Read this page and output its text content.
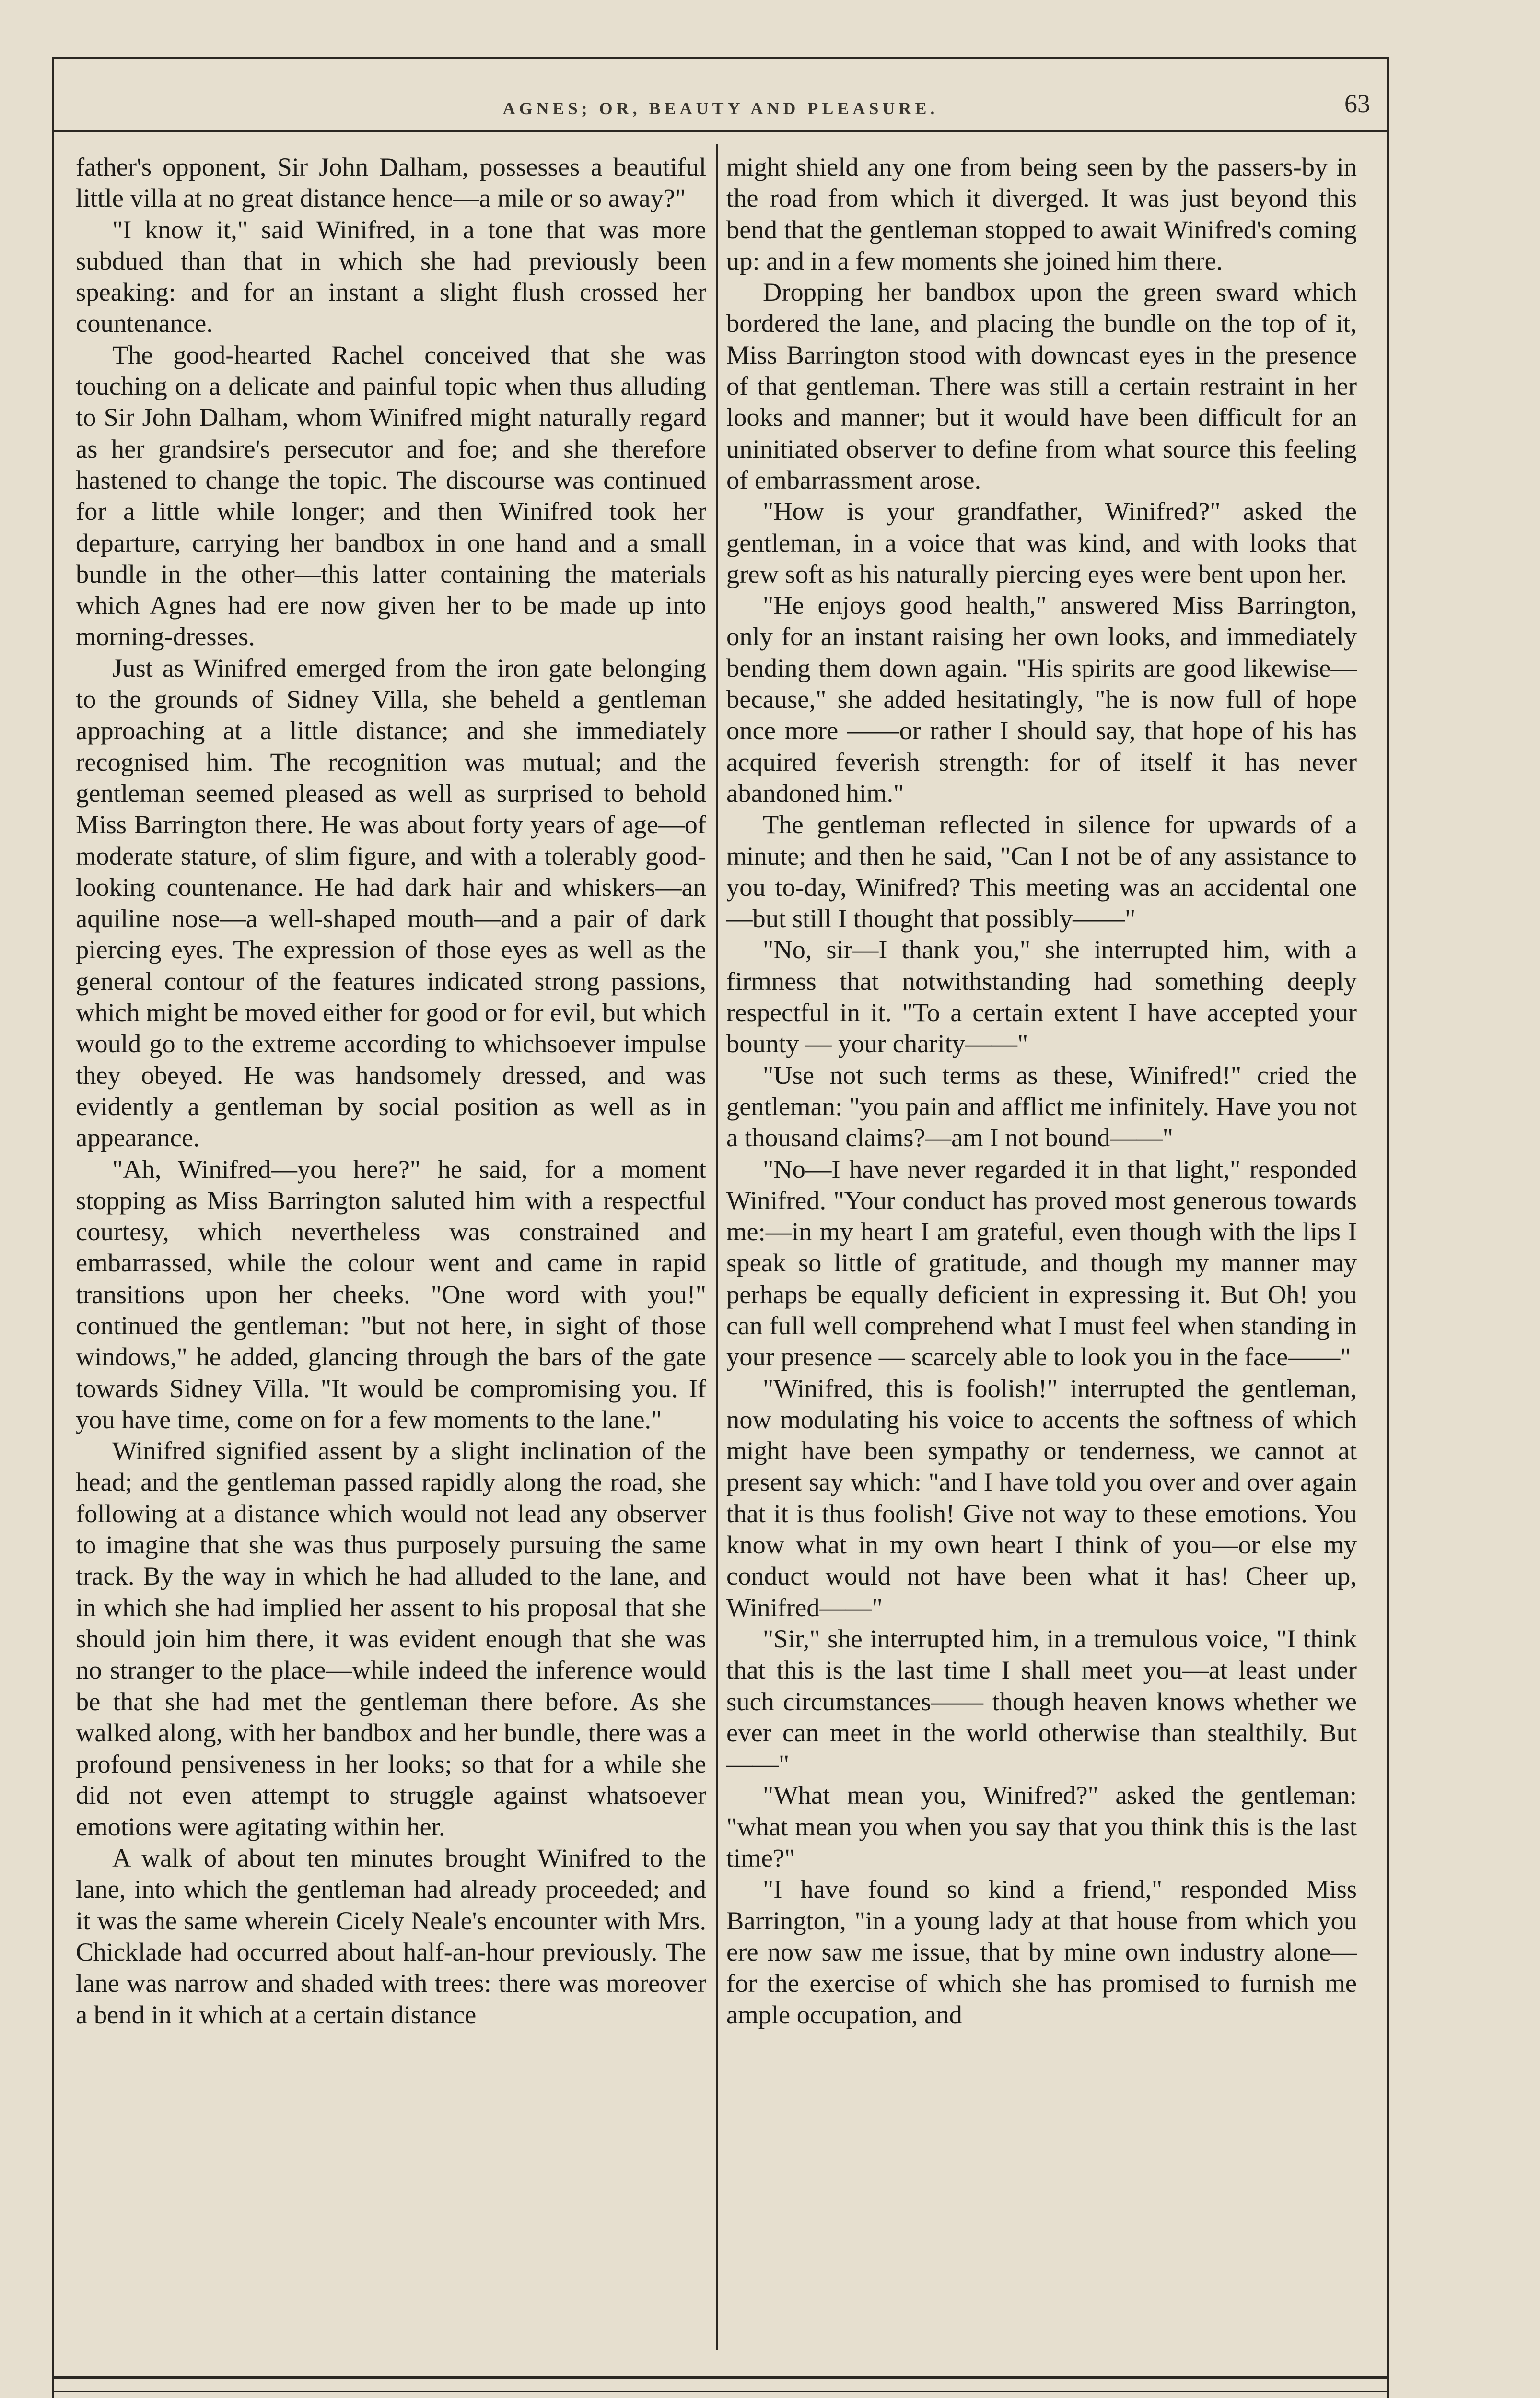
AGNES; OR, BEAUTY AND PLEASURE.	63

father's opponent, Sir John Dalham, possesses a beautiful little villa at no great distance hence—a mile or so away?"

"I know it," said Winifred, in a tone that was more subdued than that in which she had previously been speaking: and for an instant a slight flush crossed her countenance.

The good-hearted Rachel conceived that she was touching on a delicate and painful topic when thus alluding to Sir John Dalham, whom Winifred might naturally regard as her grandsire's persecutor and foe; and she therefore hastened to change the topic. The discourse was continued for a little while longer; and then Winifred took her departure, carrying her bandbox in one hand and a small bundle in the other—this latter containing the materials which Agnes had ere now given her to be made up into morning-dresses.

Just as Winifred emerged from the iron gate belonging to the grounds of Sidney Villa, she beheld a gentleman approaching at a little distance; and she immediately recognised him. The recognition was mutual; and the gentleman seemed pleased as well as surprised to behold Miss Barrington there. He was about forty years of age—of moderate stature, of slim figure, and with a tolerably good-looking countenance. He had dark hair and whiskers—an aquiline nose—a well-shaped mouth—and a pair of dark piercing eyes. The expression of those eyes as well as the general contour of the features indicated strong passions, which might be moved either for good or for evil, but which would go to the extreme according to whichsoever impulse they obeyed. He was handsomely dressed, and was evidently a gentleman by social position as well as in appearance.

"Ah, Winifred—you here?" he said, for a moment stopping as Miss Barrington saluted him with a respectful courtesy, which nevertheless was constrained and embarrassed, while the colour went and came in rapid transitions upon her cheeks. "One word with you!" continued the gentleman: "but not here, in sight of those windows," he added, glancing through the bars of the gate towards Sidney Villa. "It would be compromising you. If you have time, come on for a few moments to the lane."

Winifred signified assent by a slight inclination of the head; and the gentleman passed rapidly along the road, she following at a distance which would not lead any observer to imagine that she was thus purposely pursuing the same track. By the way in which he had alluded to the lane, and in which she had implied her assent to his proposal that she should join him there, it was evident enough that she was no stranger to the place—while indeed the inference would be that she had met the gentleman there before. As she walked along, with her bandbox and her bundle, there was a profound pensiveness in her looks; so that for a while she did not even attempt to struggle against whatsoever emotions were agitating within her.

A walk of about ten minutes brought Winifred to the lane, into which the gentleman had already proceeded; and it was the same wherein Cicely Neale's encounter with Mrs. Chicklade had occurred about half-an-hour previously. The lane was narrow and shaded with trees: there was moreover a bend in it which at a certain distance

might shield any one from being seen by the passers-by in the road from which it diverged. It was just beyond this bend that the gentleman stopped to await Winifred's coming up: and in a few moments she joined him there.

Dropping her bandbox upon the green sward which bordered the lane, and placing the bundle on the top of it, Miss Barrington stood with downcast eyes in the presence of that gentleman. There was still a certain restraint in her looks and manner; but it would have been difficult for an uninitiated observer to define from what source this feeling of embarrassment arose.

"How is your grandfather, Winifred?" asked the gentleman, in a voice that was kind, and with looks that grew soft as his naturally piercing eyes were bent upon her.

"He enjoys good health," answered Miss Barrington, only for an instant raising her own looks, and immediately bending them down again. "His spirits are good likewise—because," she added hesitatingly, "he is now full of hope once more ——or rather I should say, that hope of his has acquired feverish strength: for of itself it has never abandoned him."

The gentleman reflected in silence for upwards of a minute; and then he said, "Can I not be of any assistance to you to-day, Winifred? This meeting was an accidental one—but still I thought that possibly——"

"No, sir—I thank you," she interrupted him, with a firmness that notwithstanding had something deeply respectful in it. "To a certain extent I have accepted your bounty — your charity——"

"Use not such terms as these, Winifred!" cried the gentleman: "you pain and afflict me infinitely. Have you not a thousand claims?—am I not bound——"

"No—I have never regarded it in that light," responded Winifred. "Your conduct has proved most generous towards me:—in my heart I am grateful, even though with the lips I speak so little of gratitude, and though my manner may perhaps be equally deficient in expressing it. But Oh! you can full well comprehend what I must feel when standing in your presence — scarcely able to look you in the face——"

"Winifred, this is foolish!" interrupted the gentleman, now modulating his voice to accents the softness of which might have been sympathy or tenderness, we cannot at present say which: "and I have told you over and over again that it is thus foolish! Give not way to these emotions. You know what in my own heart I think of you—or else my conduct would not have been what it has! Cheer up, Winifred——"

"Sir," she interrupted him, in a tremulous voice, "I think that this is the last time I shall meet you—at least under such circumstances—— though heaven knows whether we ever can meet in the world otherwise than stealthily. But——"

"What mean you, Winifred?" asked the gentleman: "what mean you when you say that you think this is the last time?"

"I have found so kind a friend," responded Miss Barrington, "in a young lady at that house from which you ere now saw me issue, that by mine own industry alone—for the exercise of which she has promised to furnish me ample occupation, and
